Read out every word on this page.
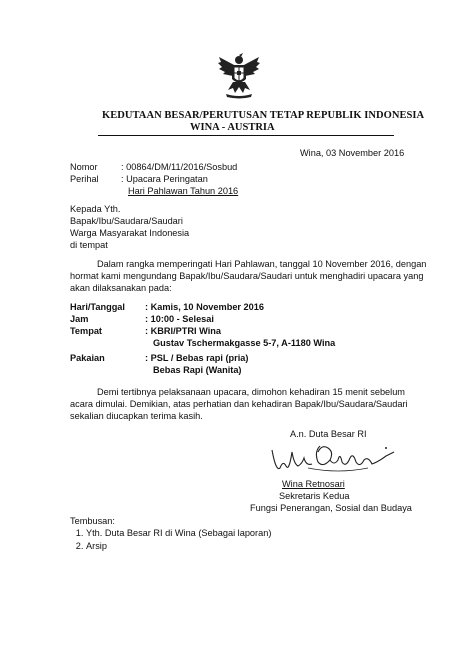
KEDUTAAN BESAR/PERUTUSAN TETAP REPUBLIK INDONESIA
WINA - AUSTRIA
Wina, 03 November 2016
Nomor	: 00864/DM/11/2016/Sosbud
Perihal : Upacara Peringatan
Hari Pahlawan Tahun 2016
Kepada Yth.
Bapak/Ibu/Saudara/Saudari
Warga Masyarakat Indonesia
di tempat
Dalam rangka memperingati Hari Pahlawan, tanggal 10 November 2016, dengan
hormat kami mengundang Bapak/Ibu/Saudara/Saudari untuk menghadiri upacara yang
akan dilaksanakan pada:
Hari/Tanggal : Kamis, 10 November 2016
Jam	: 10:00 - Selesai
Tempat	: KBRI/PTRI Wina
Gustav Tschermakgasse 5-7, A-1180 Wina
Pakaian	: PSL / Bebas rapi (pria)
Bebas Rapi (Wanita)
Demi tertibnya pelaksanaan upacara, dimohon kehadiran 15 menit sebelum
acara dimulai. Demikian, atas perhatian dan kehadiran Bapak/Ibu/Saudara/Saudari
sekalian diucapkan terima kasih.
A.n. Duta Besar RI
Wina Retnosari
Sekretaris Kedua
Fungsi Penerangan, Sosial dan Budaya
Tembusan:
1. Yth. Duta Besar RI di Wina (Sebagai laporan)
2. Arsip
